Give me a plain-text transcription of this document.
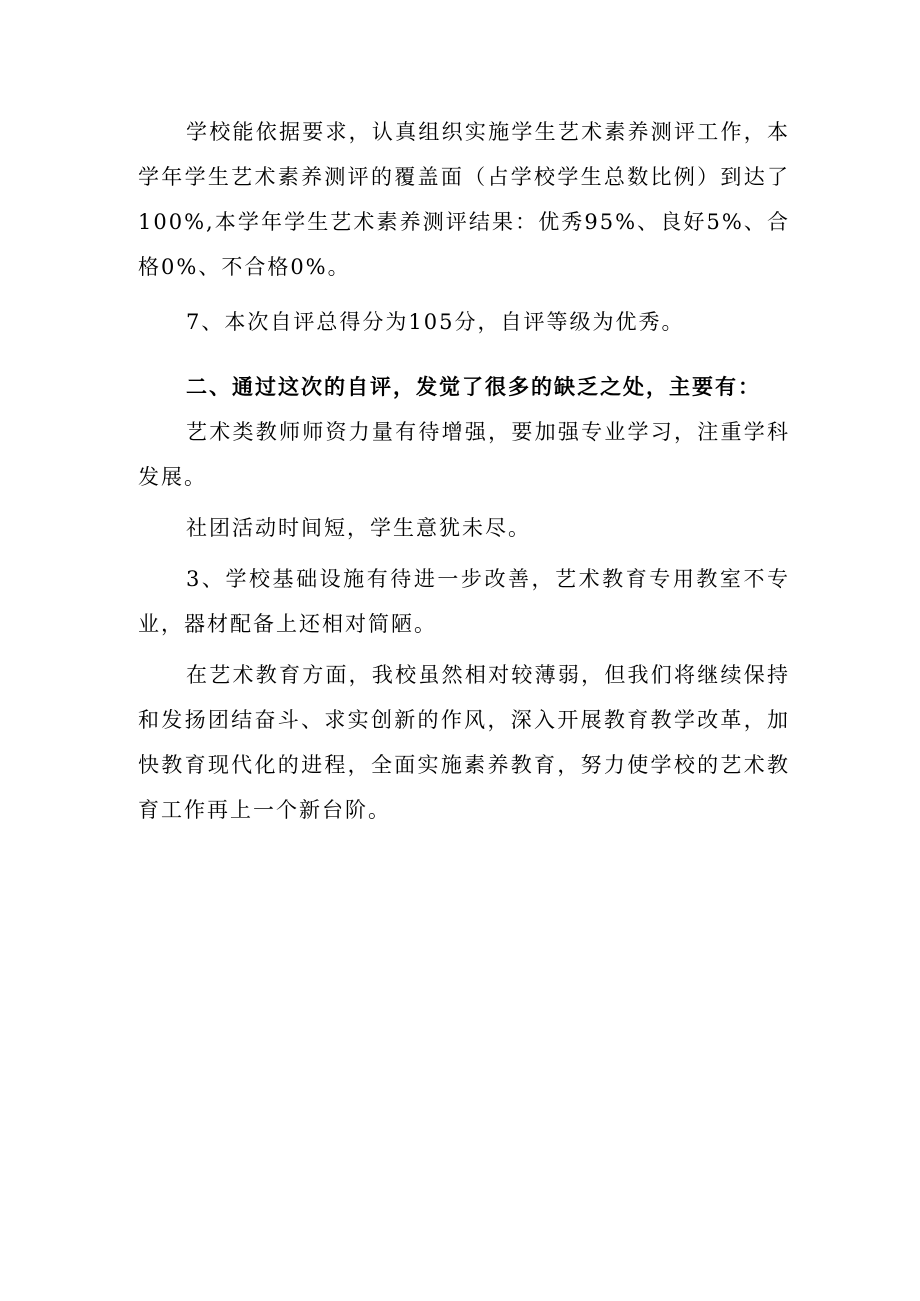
学校能依据要求，认真组织实施学生艺术素养测评工作，本学年学生艺术素养测评的覆盖面（占学校学生总数比例）到达了100%,本学年学生艺术素养测评结果：优秀95%、良好5%、合格0%、不合格0%。

7、本次自评总得分为105分，自评等级为优秀。

二、通过这次的自评，发觉了很多的缺乏之处，主要有：

艺术类教师师资力量有待增强，要加强专业学习，注重学科发展。

社团活动时间短，学生意犹未尽。

3、学校基础设施有待进一步改善，艺术教育专用教室不专业，器材配备上还相对简陋。

在艺术教育方面，我校虽然相对较薄弱，但我们将继续保持和发扬团结奋斗、求实创新的作风，深入开展教育教学改革，加快教育现代化的进程，全面实施素养教育，努力使学校的艺术教育工作再上一个新台阶。
